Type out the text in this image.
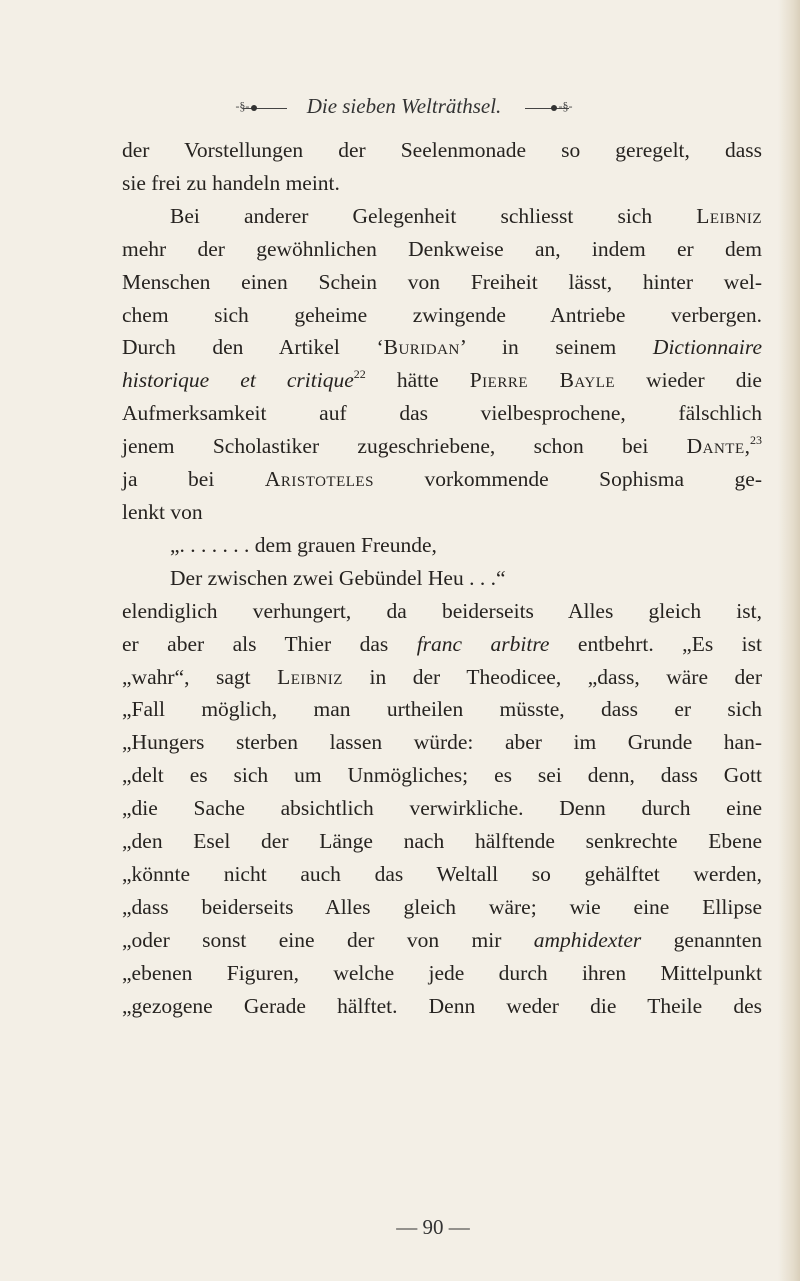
-§-	Die sieben Welträthsel.	-§-
der Vorstellungen der Seelenmonade so geregelt, dass
sie frei zu handeln meint.
Bei anderer Gelegenheit schliesst sich Leibniz
mehr der gewöhnlichen Denkweise an, indem er dem
Menschen einen Schein von Freiheit lässt, hinter wel-
chem sich geheime zwingende Antriebe verbergen.
Durch den Artikel ‘Buridan’ in seinem Dictionnaire
historique et critique$^{22}$ hätte Pierre Bayle wieder die
Aufmerksamkeit auf das vielbesprochene, fälschlich
jenem Scholastiker zugeschriebene, schon bei Dante,$^{23}$
ja bei Aristoteles vorkommende Sophisma ge-
lenkt von
„. . . . . . . dem grauen Freunde,
Der zwischen zwei Gebündel Heu . . .“
elendiglich verhungert, da beiderseits Alles gleich ist,
er aber als Thier das franc arbitre entbehrt. „Es ist
„wahr“, sagt Leibniz in der Theodicee, „dass, wäre der
„Fall möglich, man urtheilen müsste, dass er sich
„Hungers sterben lassen würde: aber im Grunde han-
„delt es sich um Unmögliches; es sei denn, dass Gott
„die Sache absichtlich verwirkliche. Denn durch eine
„den Esel der Länge nach hälftende senkrechte Ebene
„könnte nicht auch das Weltall so gehälftet werden,
„dass beiderseits Alles gleich wäre; wie eine Ellipse
„oder sonst eine der von mir amphidexter genannten
„ebenen Figuren, welche jede durch ihren Mittelpunkt
„gezogene Gerade hälftet. Denn weder die Theile des
— 90 —
